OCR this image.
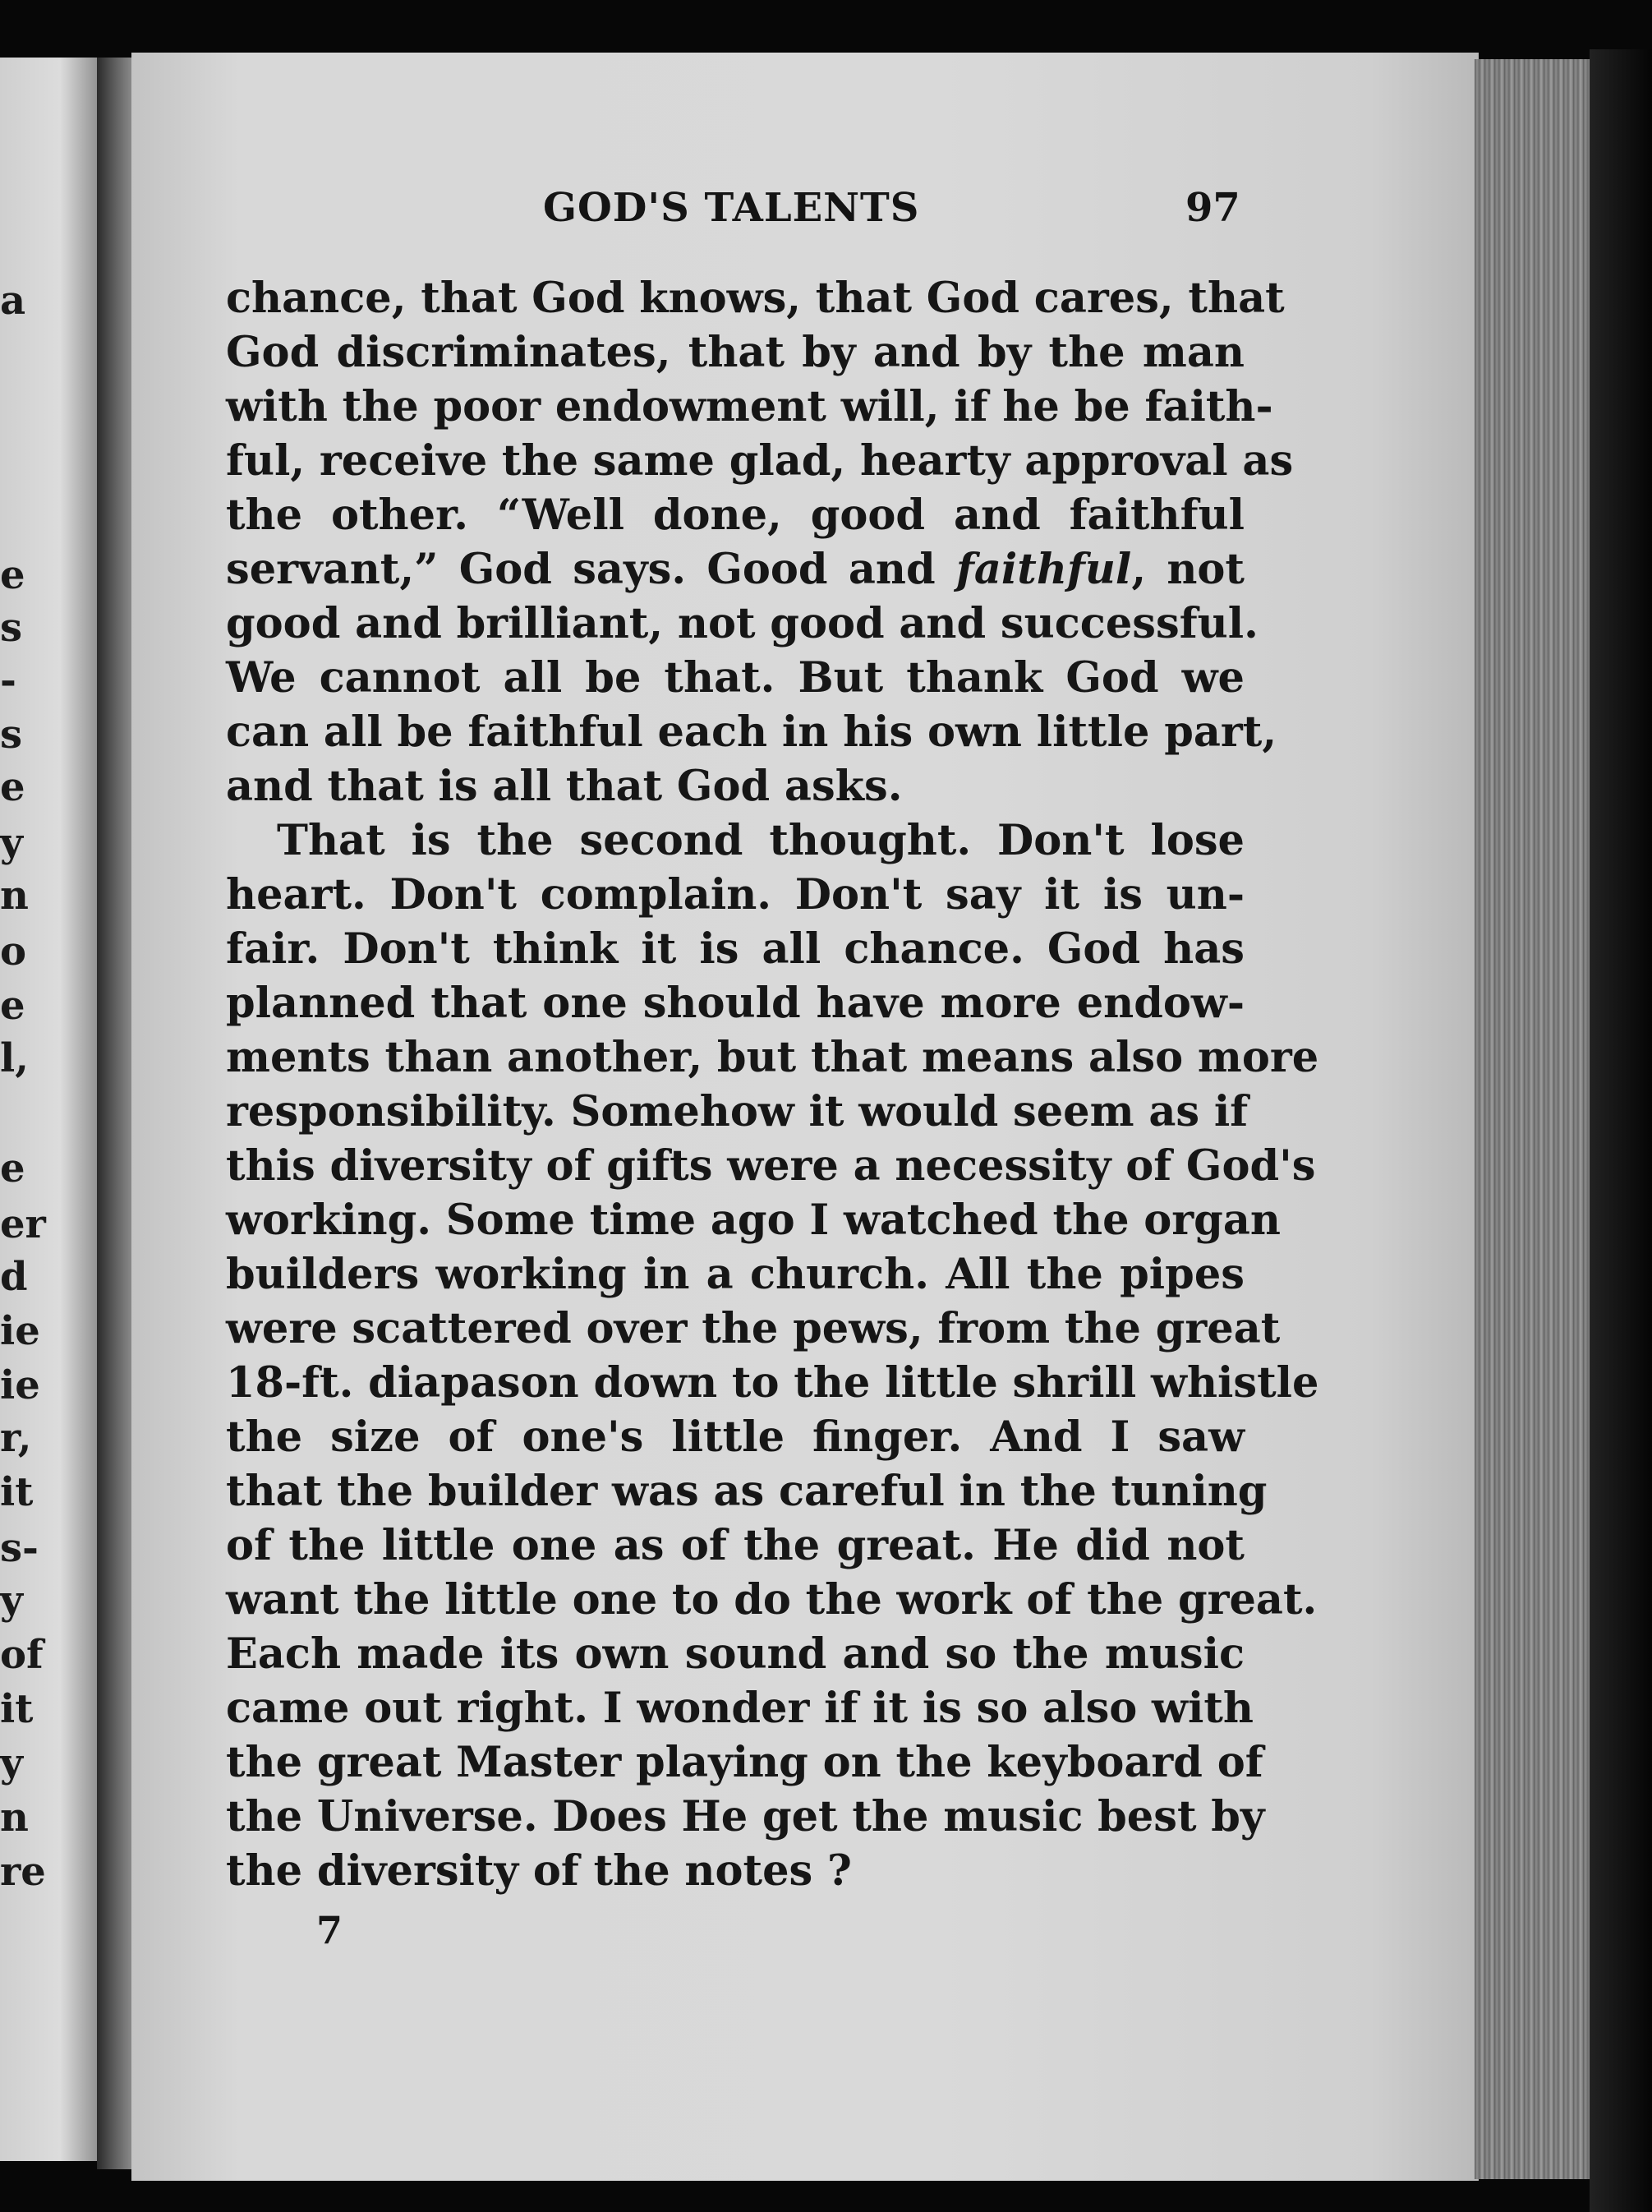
a
e
s
-
s
e
y
n
o
e
l,
e
er
d
ie
ie
r,
it
s-
y
of
it
y
n
re
GOD'S TALENTS	97
chance, that God knows, that God cares, that
God discriminates, that by and by the man
with the poor endowment will, if he be faith-
ful, receive the same glad, hearty approval as
the other. “Well done, good and faithful
servant,” God says. Good and faithful, not
good and brilliant, not good and successful.
We cannot all be that. But thank God we
can all be faithful each in his own little part,
and that is all that God asks.
That is the second thought. Don't lose
heart. Don't complain. Don't say it is un-
fair. Don't think it is all chance. God has
planned that one should have more endow-
ments than another, but that means also more
responsibility. Somehow it would seem as if
this diversity of gifts were a necessity of God's
working. Some time ago I watched the organ
builders working in a church. All the pipes
were scattered over the pews, from the great
18-ft. diapason down to the little shrill whistle
the size of one's little finger. And I saw
that the builder was as careful in the tuning
of the little one as of the great. He did not
want the little one to do the work of the great.
Each made its own sound and so the music
came out right. I wonder if it is so also with
the great Master playing on the keyboard of
the Universe. Does He get the music best by
the diversity of the notes ?
7
